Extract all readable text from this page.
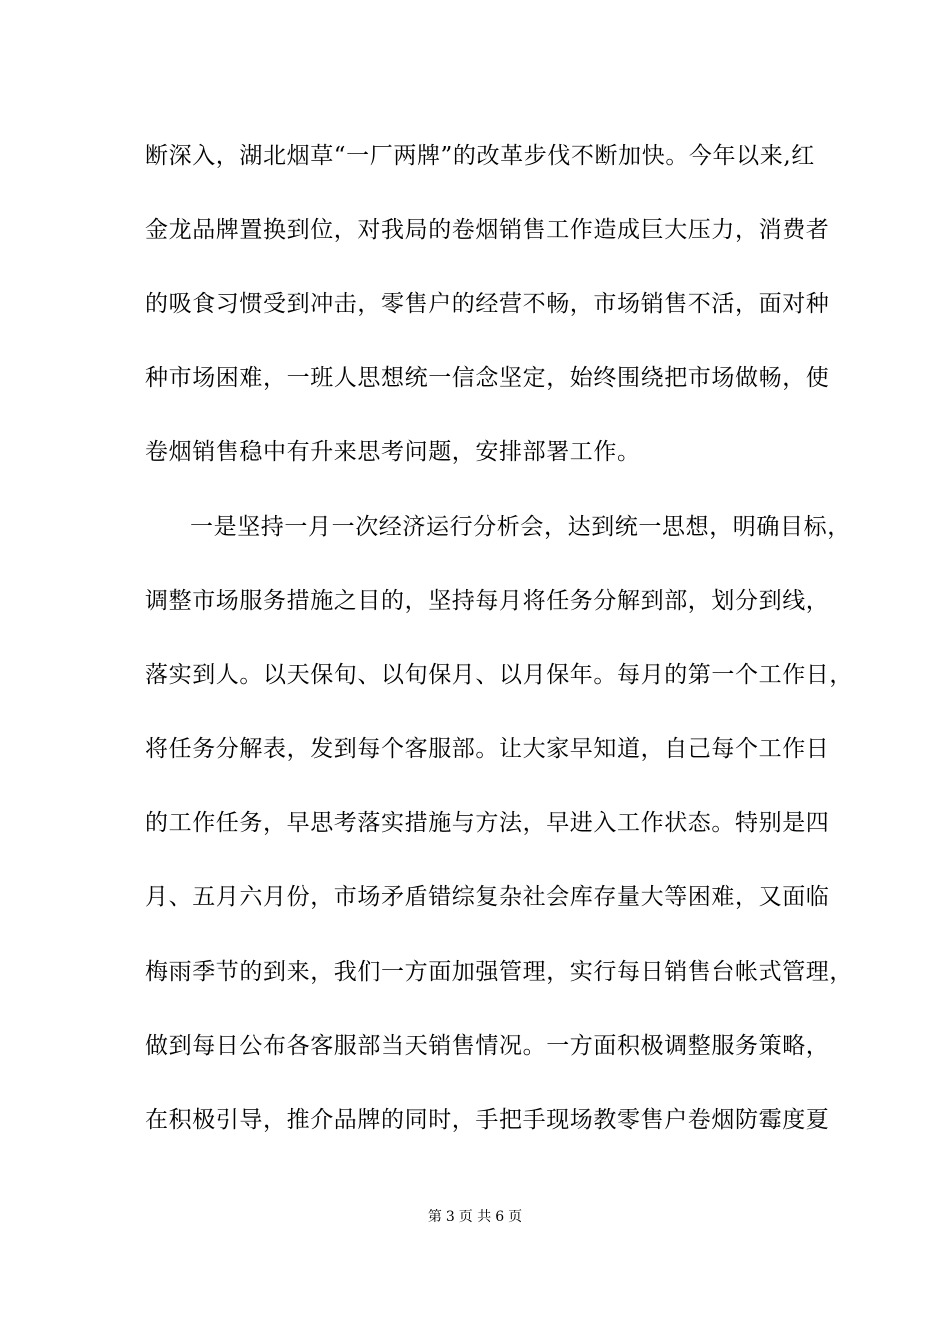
断深入，湖北烟草“一厂两牌”的改革步伐不断加快。今年以来,红
金龙品牌置换到位，对我局的卷烟销售工作造成巨大压力，消费者
的吸食习惯受到冲击，零售户的经营不畅，市场销售不活，面对种
种市场困难，一班人思想统一信念坚定，始终围绕把市场做畅，使
卷烟销售稳中有升来思考问题，安排部署工作。
一是坚持一月一次经济运行分析会，达到统一思想，明确目标，
调整市场服务措施之目的，坚持每月将任务分解到部，划分到线，
落实到人。以天保旬、以旬保月、以月保年。每月的第一个工作日，
将任务分解表，发到每个客服部。让大家早知道，自己每个工作日
的工作任务，早思考落实措施与方法，早进入工作状态。特别是四
月、五月六月份，市场矛盾错综复杂社会库存量大等困难，又面临
梅雨季节的到来，我们一方面加强管理，实行每日销售台帐式管理，
做到每日公布各客服部当天销售情况。一方面积极调整服务策略，
在积极引导，推介品牌的同时，手把手现场教零售户卷烟防霉度夏
第 3 页 共 6 页
